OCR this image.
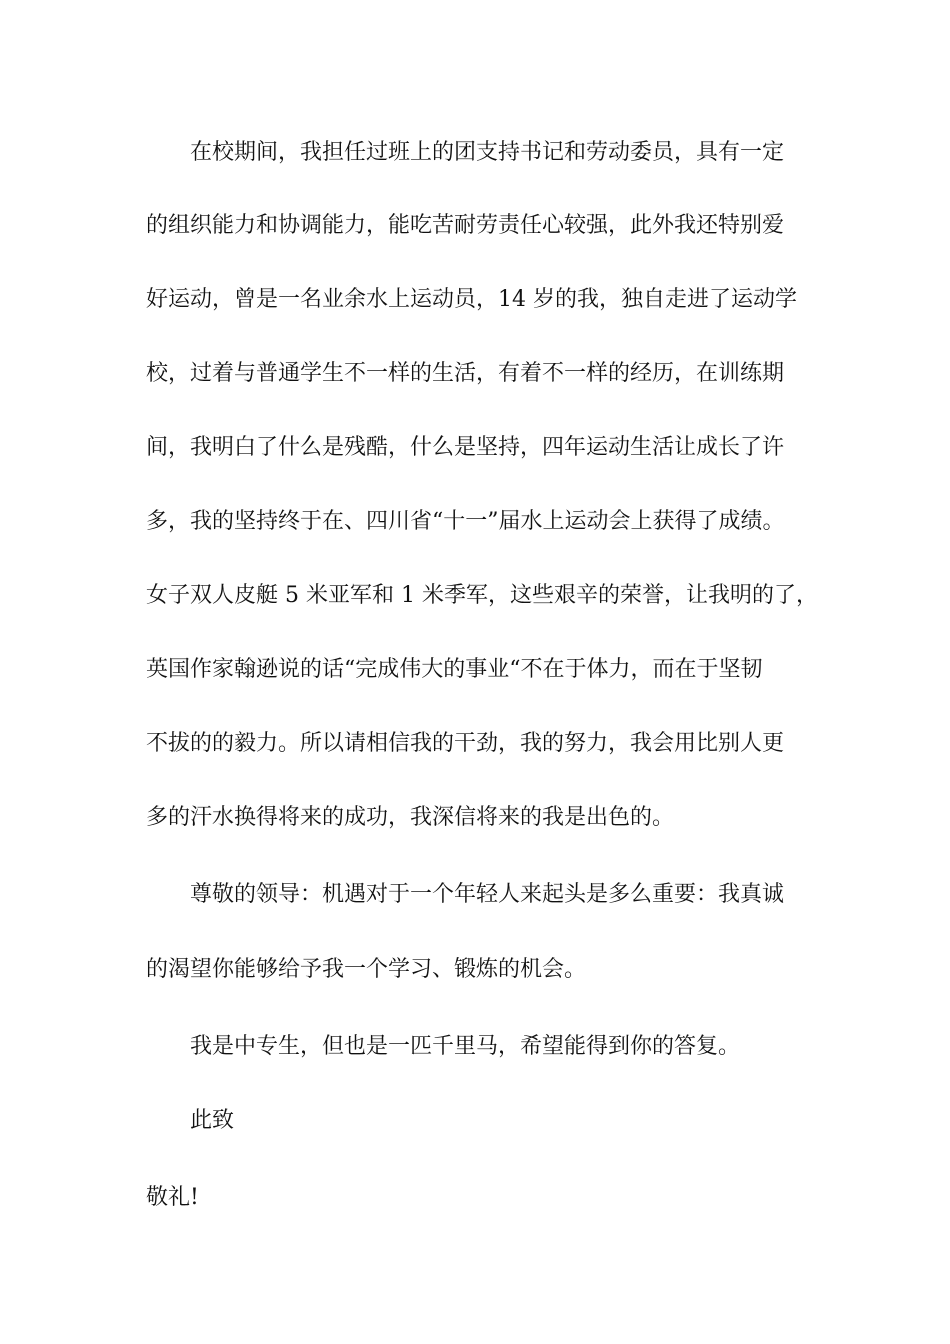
在校期间，我担任过班上的团支持书记和劳动委员，具有一定
的组织能力和协调能力，能吃苦耐劳责任心较强，此外我还特别爱
好运动，曾是一名业余水上运动员，14 岁的我，独自走进了运动学
校，过着与普通学生不一样的生活，有着不一样的经历，在训练期
间，我明白了什么是残酷，什么是坚持，四年运动生活让成长了许
多，我的坚持终于在、四川省“十一”届水上运动会上获得了成绩。
女子双人皮艇 5 米亚军和 1 米季军，这些艰辛的荣誉，让我明的了，
英国作家翰逊说的话“完成伟大的事业“不在于体力，而在于坚韧
不拔的的毅力。所以请相信我的干劲，我的努力，我会用比别人更
多的汗水换得将来的成功，我深信将来的我是出色的。
尊敬的领导：机遇对于一个年轻人来起头是多么重要：我真诚
的渴望你能够给予我一个学习、锻炼的机会。
我是中专生，但也是一匹千里马，希望能得到你的答复。
此致
敬礼!
